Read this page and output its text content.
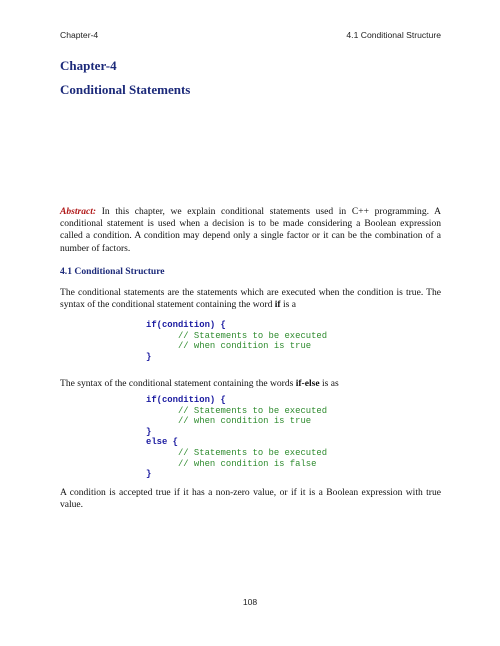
Chapter-4	4.1 Conditional Structure
Chapter-4
Conditional Statements

Abstract: In this chapter, we explain conditional statements used in C++ programming. A conditional statement is used when a decision is to be made considering a Boolean expression called a condition. A condition may depend only a single factor or it can be the combination of a number of factors.

4.1 Conditional Structure

The conditional statements are the statements which are executed when the condition is true. The syntax of the conditional statement containing the word if is a

if(condition) {
// Statements to be executed
// when condition is true
}

The syntax of the conditional statement containing the words if-else is as

if(condition) {
// Statements to be executed
// when condition is true
}
else {
// Statements to be executed
// when condition is false
}

A condition is accepted true if it has a non-zero value, or if it is a Boolean expression with true value.

108
